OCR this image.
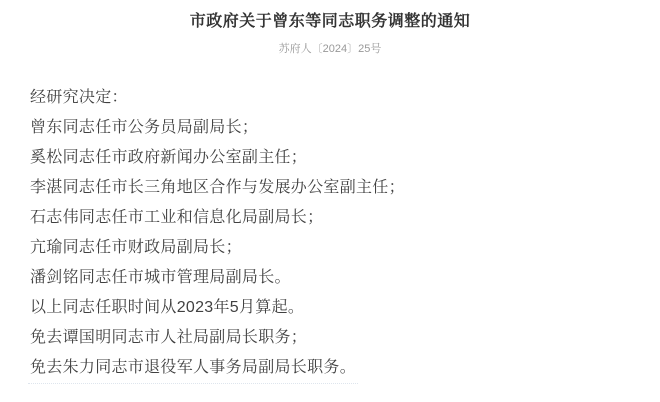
市政府关于曾东等同志职务调整的通知
苏府人〔2024〕25号

经研究决定：

曾东同志任市公务员局副局长；

奚松同志任市政府新闻办公室副主任；

李湛同志任市长三角地区合作与发展办公室副主任；

石志伟同志任市工业和信息化局副局长；

亢瑜同志任市财政局副局长；

潘剑铭同志任市城市管理局副局长。

以上同志任职时间从2023年5月算起。

免去谭国明同志市人社局副局长职务；

免去朱力同志市退役军人事务局副局长职务。
